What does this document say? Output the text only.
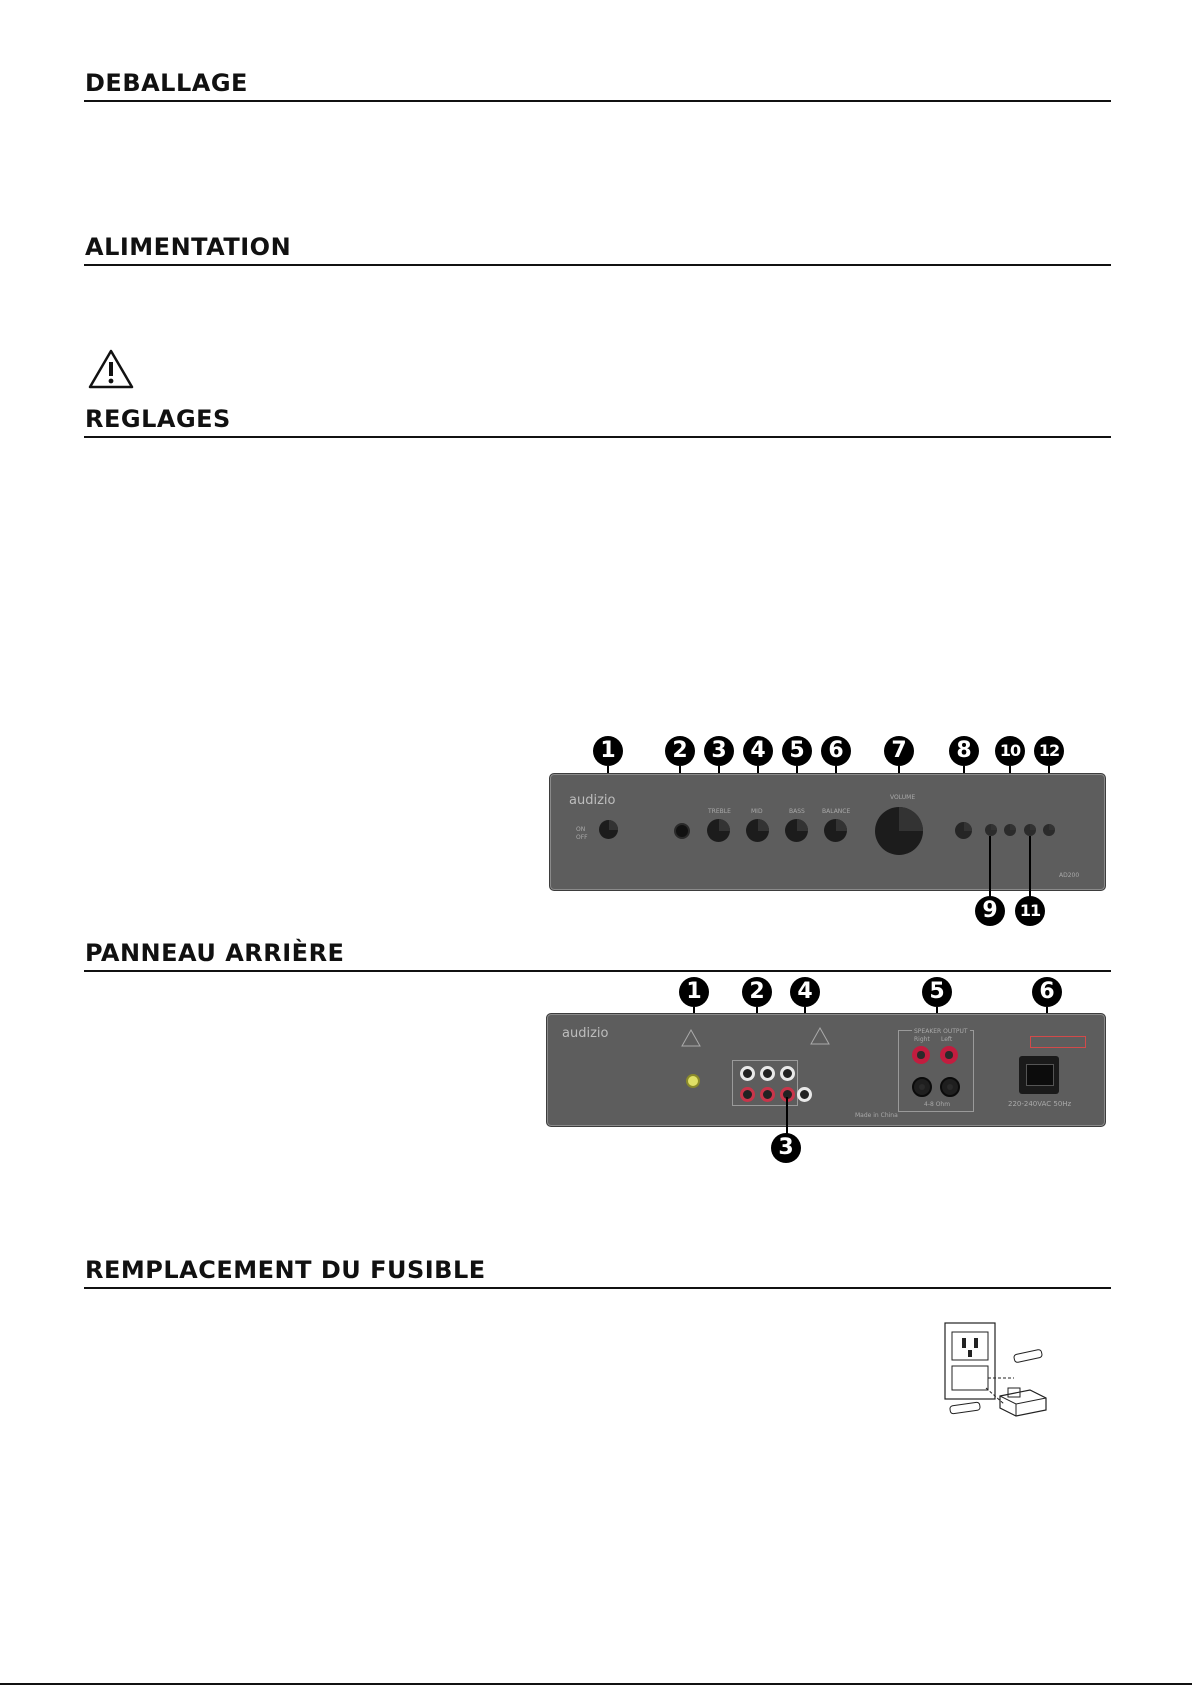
DEBALLAGE
ALIMENTATION
REGLAGES
1	2	3	4	5	6	7	8	10	12
audizio
ON
OFF
TREBLE	MID	BASS	BALANCE
VOLUME
AD200
9	11
PANNEAU ARRIÈRE
1	2	4	5	6
audizio	SPEAKER OUTPUT
Right Left
4-8 Ohm	220-240VAC 50Hz
Made in China
3
REMPLACEMENT DU FUSIBLE
